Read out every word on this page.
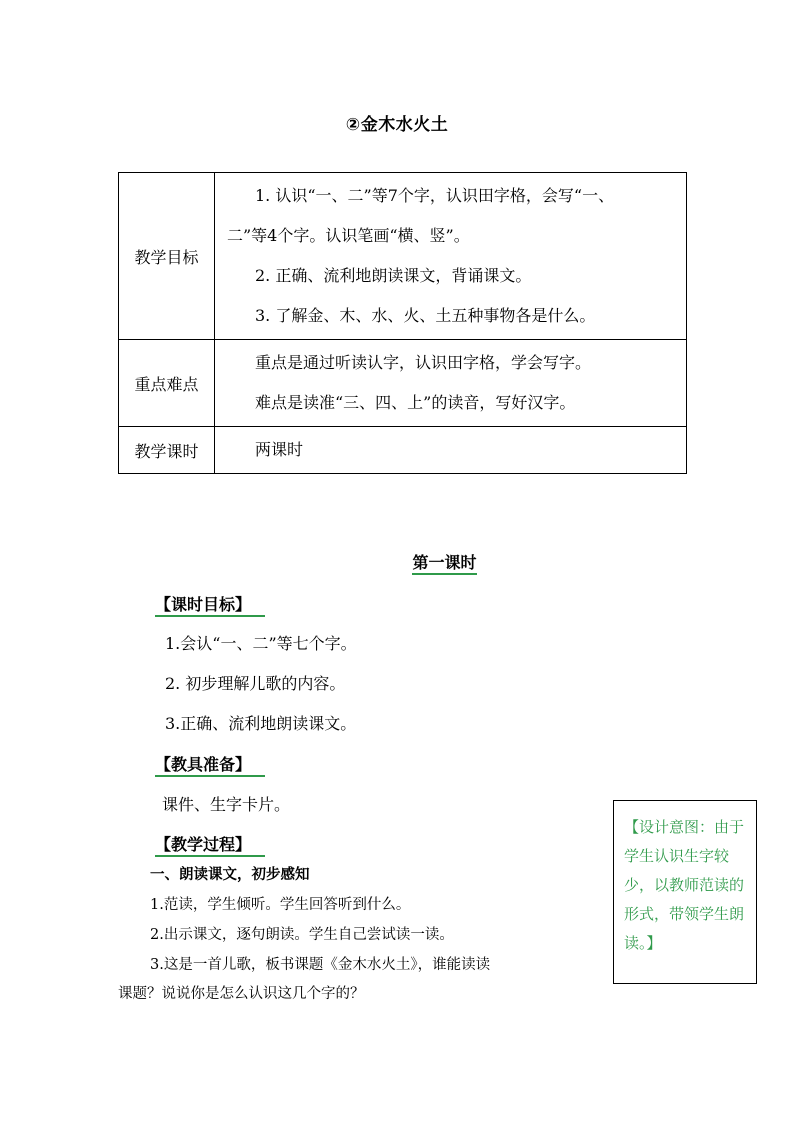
②金木水火土
教学目标	1. 认识“一、二”等7个字，认识田字格，会写“一、
二”等4个字。认识笔画“横、竖”。
2. 正确、流利地朗读课文，背诵课文。
3. 了解金、木、水、火、土五种事物各是什么。

重点难点	重点是通过听读认字，认识田字格，学会写字。
难点是读准“三、四、上”的读音，写好汉字。

教学课时	两课时
第一课时
【课时目标】
1.会认“一、二”等七个字。
2. 初步理解儿歌的内容。
3.正确、流利地朗读课文。
【教具准备】
课件、生字卡片。
【教学过程】
一、朗读课文，初步感知
1.范读，学生倾听。学生回答听到什么。
2.出示课文，逐句朗读。学生自己尝试读一读。
3.这是一首儿歌，板书课题《金木水火土》，谁能读读
课题？说说你是怎么认识这几个字的？
【设计意图：由于
学生认识生字较
少，以教师范读的
形式，带领学生朗
读。】
